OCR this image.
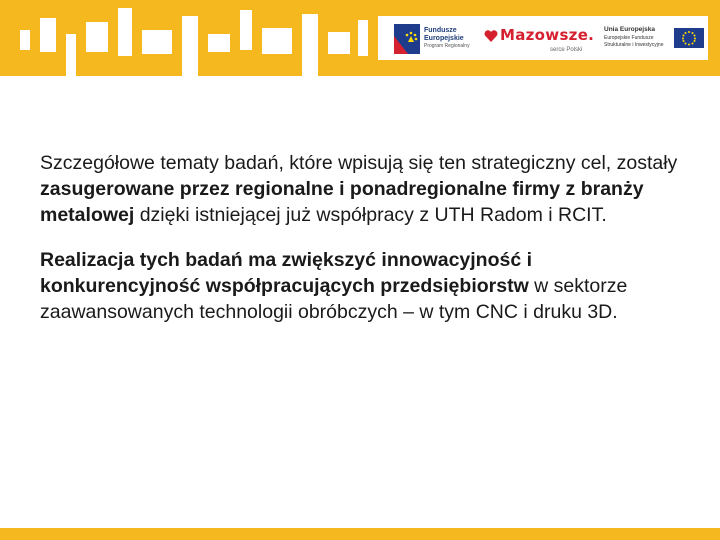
Fundusze
Europejskie
Program Regionalny
Mazowsze.
serce Polski
Unia Europejska
Europejskie Fundusze
Strukturalne i Inwestycyjne

Szczegółowe tematy badań, które wpisują się ten strategiczny cel, zostały zasugerowane przez regionalne i ponadregionalne firmy z branży metalowej dzięki istniejącej już współpracy z UTH Radom i RCIT.

Realizacja tych badań ma zwiększyć innowacyjność i konkurencyjność współpracujących przedsiębiorstw w sektorze zaawansowanych technologii obróbczych – w tym CNC i druku 3D.
